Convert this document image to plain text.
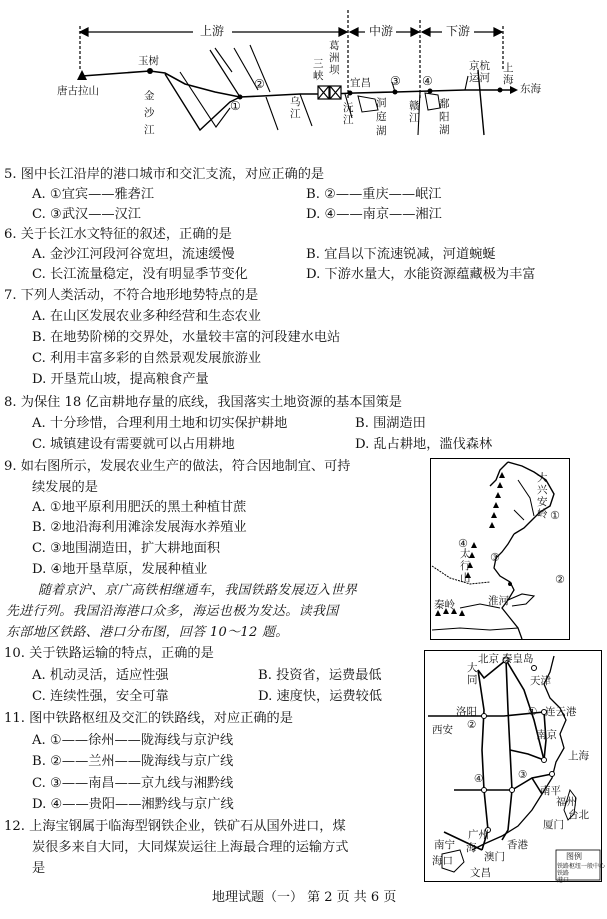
上游	中游	下游
唐古拉山
玉树
金沙江
①
②	③ ④
乌江
三峡
葛洲坝
宜昌
沅江
洞庭湖
赣江
鄱阳湖
京杭运河
上海
东海
5. 图中长江沿岸的港口城市和交汇支流，对应正确的是
A. ①宜宾——雅砻江	B. ②——重庆——岷江
C. ③武汉——汉江	D. ④——南京——湘江
6. 关于长江水文特征的叙述，正确的是
A. 金沙江河段河谷宽坦，流速缓慢	B. 宜昌以下流速锐减，河道蜿蜒
C. 长江流量稳定，没有明显季节变化	D. 下游水量大，水能资源蕴藏极为丰富
7. 下列人类活动，不符合地形地势特点的是
A. 在山区发展农业多种经营和生态农业
B. 在地势阶梯的交界处，水量较丰富的河段建水电站
C. 利用丰富多彩的自然景观发展旅游业
D. 开垦荒山坡，提高粮食产量
8. 为保住 18 亿亩耕地存量的底线，我国落实土地资源的基本国策是
A. 十分珍惜，合理利用土地和切实保护耕地	B. 围湖造田
C. 城镇建设有需要就可以占用耕地	D. 乱占耕地，滥伐森林
9. 如右图所示，发展农业生产的做法，符合因地制宜、可持
续发展的是
A. ①地平原利用肥沃的黑土种植甘蔗
B. ②地沿海利用滩涂发展海水养殖业
C. ③地围湖造田，扩大耕地面积
D. ④地开垦草原，发展种植业
随着京沪、京广高铁相继通车，我国铁路发展迈入世界
先进行列。我国沿海港口众多，海运也极为发达。读我国
东部地区铁路、港口分布图，回答 10～12 题。
10. 关于铁路运输的特点，正确的是
A. 机动灵活，适应性强	B. 投资省，运费最低
C. 连续性强，安全可靠	D. 速度快，运费较低
11. 图中铁路枢纽及交汇的铁路线，对应正确的是
A. ①——徐州——陇海线与京沪线
B. ②——兰州——陇海线与京广线
C. ③——南昌——京九线与湘黔线
D. ④——贵阳——湘黔线与京广线
12. 上海宝钢属于临海型钢铁企业，铁矿石从国外进口，煤
炭很多来自大同，大同煤炭运往上海最合理的运输方式
是
地理试题（一） 第 2 页 共 6 页
大兴安岭 ①
②
③
④
太行山
秦岭	淮河
北京 秦皇岛
大同	天津
洛阳	① 连云港
②
西安	南京
上海
③
④
南平
福州
台北
厦门
广州
香港
澳门
南宁
海口
文昌
海
图例
铁路枢纽一般中心
铁路
港口
